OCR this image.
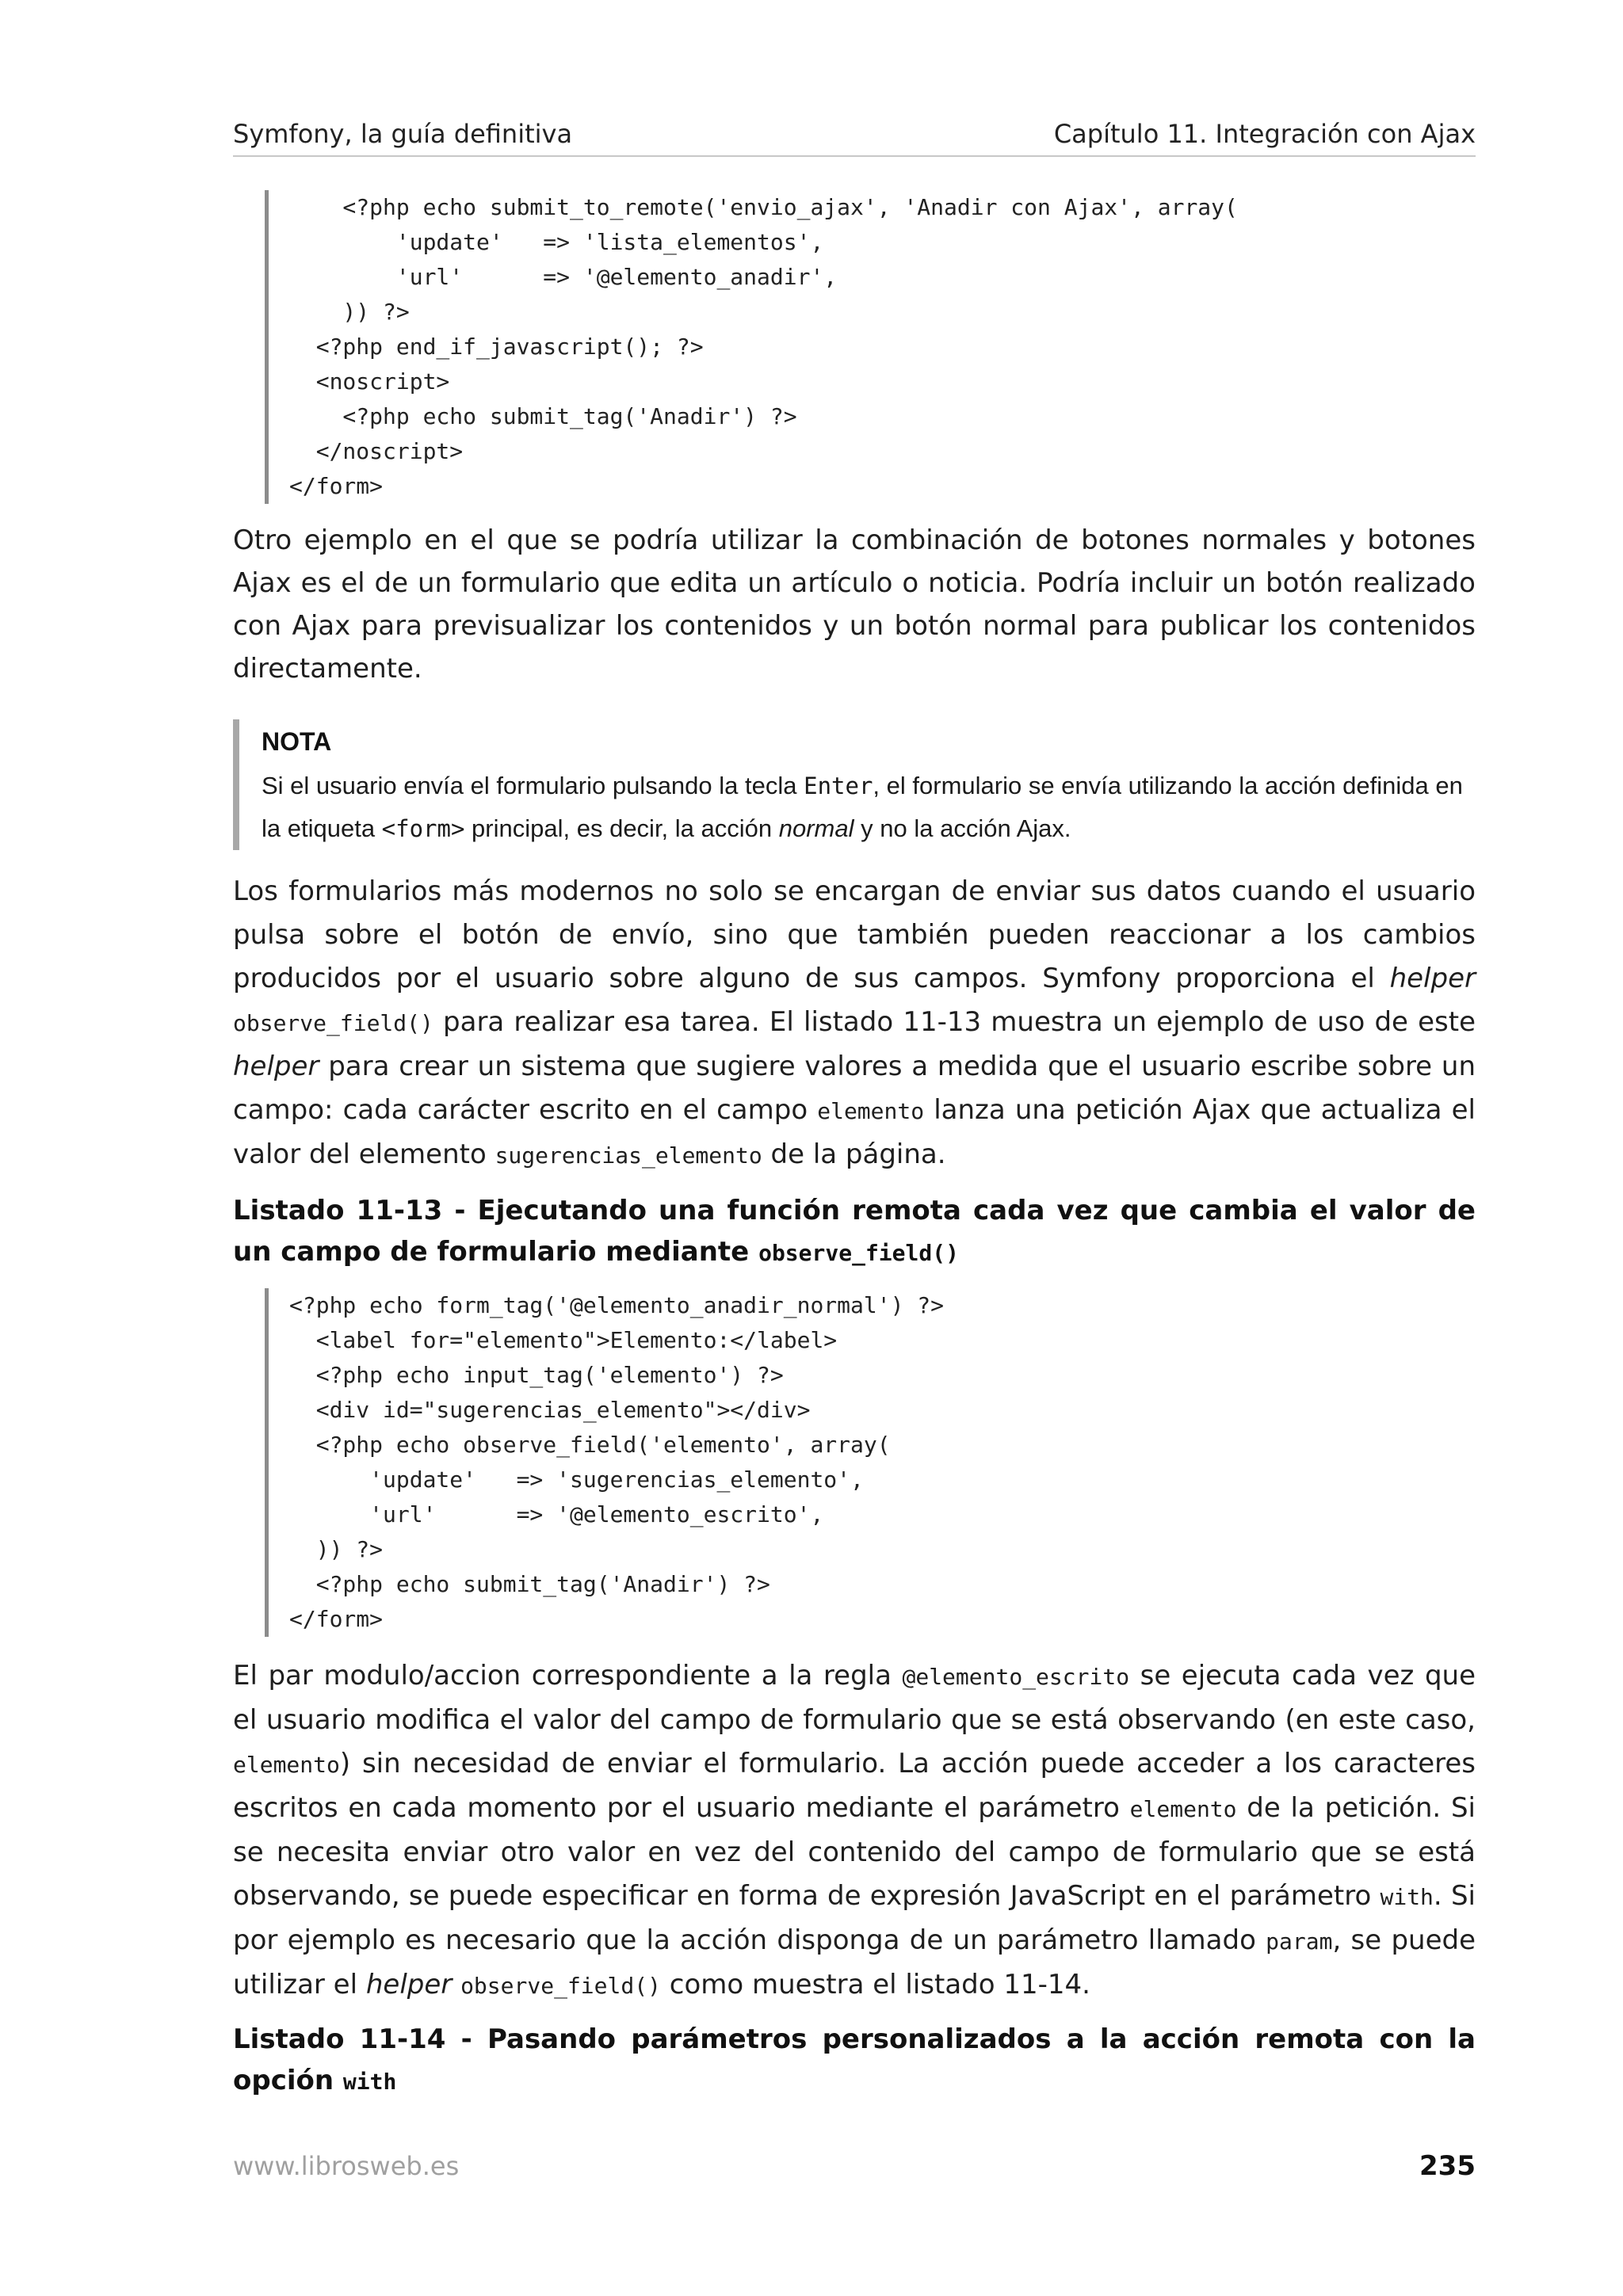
Symfony, la guía definitiva	Capítulo 11. Integración con Ajax
<?php echo submit_to_remote('envio_ajax', 'Anadir con Ajax', array(
'update'   => 'lista_elementos',
'url'      => '@elemento_anadir',
)) ?>
<?php end_if_javascript(); ?>
<noscript>
<?php echo submit_tag('Anadir') ?>
</noscript>
</form>

Otro ejemplo en el que se podría utilizar la combinación de botones normales y botones Ajax es el de un formulario que edita un artículo o noticia. Podría incluir un botón realizado con Ajax para previsualizar los contenidos y un botón normal para publicar los contenidos directamente.

NOTA

Si el usuario envía el formulario pulsando la tecla Enter, el formulario se envía utilizando la acción definida en la etiqueta <form> principal, es decir, la acción normal y no la acción Ajax.

Los formularios más modernos no solo se encargan de enviar sus datos cuando el usuario pulsa sobre el botón de envío, sino que también pueden reaccionar a los cambios producidos por el usuario sobre alguno de sus campos. Symfony proporciona el helper observe_field() para realizar esa tarea. El listado 11-13 muestra un ejemplo de uso de este helper para crear un sistema que sugiere valores a medida que el usuario escribe sobre un campo: cada carácter escrito en el campo elemento lanza una petición Ajax que actualiza el valor del elemento sugerencias_elemento de la página.

Listado 11-13 - Ejecutando una función remota cada vez que cambia el valor de un campo de formulario mediante observe_field()

<?php echo form_tag('@elemento_anadir_normal') ?>
<label for="elemento">Elemento:</label>
<?php echo input_tag('elemento') ?>
<div id="sugerencias_elemento"></div>
<?php echo observe_field('elemento', array(
'update'   => 'sugerencias_elemento',
'url'      => '@elemento_escrito',
)) ?>
<?php echo submit_tag('Anadir') ?>
</form>

El par modulo/accion correspondiente a la regla @elemento_escrito se ejecuta cada vez que el usuario modifica el valor del campo de formulario que se está observando (en este caso, elemento) sin necesidad de enviar el formulario. La acción puede acceder a los caracteres escritos en cada momento por el usuario mediante el parámetro elemento de la petición. Si se necesita enviar otro valor en vez del contenido del campo de formulario que se está observando, se puede especificar en forma de expresión JavaScript en el parámetro with. Si por ejemplo es necesario que la acción disponga de un parámetro llamado param, se puede utilizar el helper observe_field() como muestra el listado 11-14.

Listado 11-14 - Pasando parámetros personalizados a la acción remota con la opción with

www.librosweb.es	235
